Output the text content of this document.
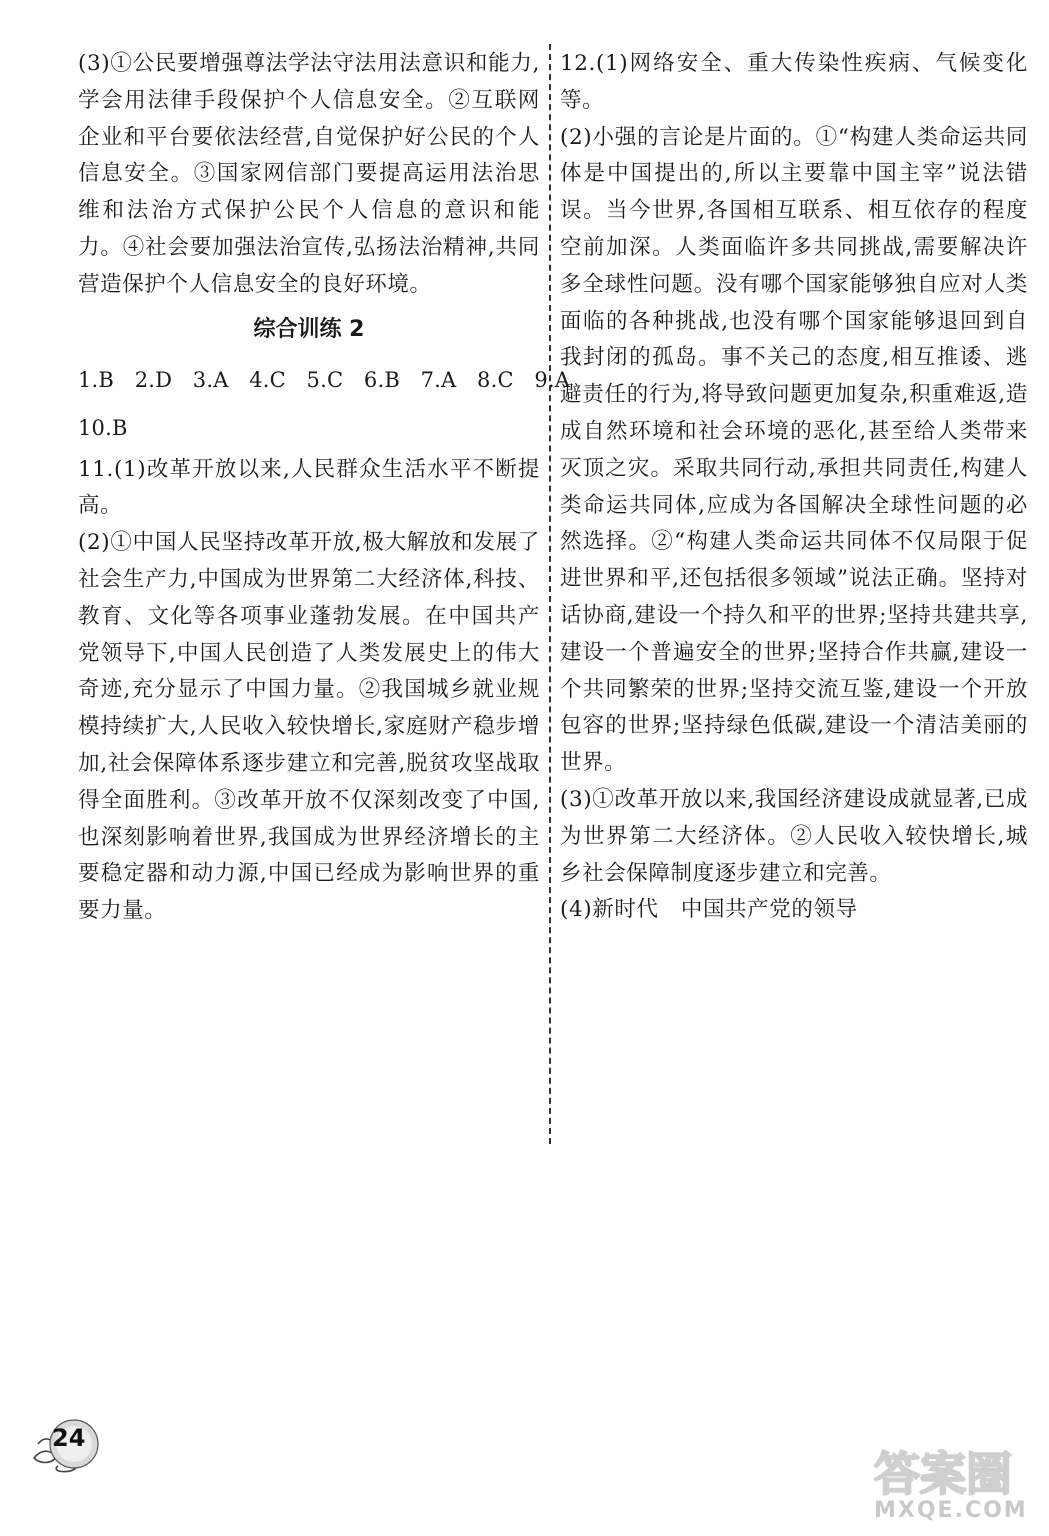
(3)①公民要增强尊法学法守法用法意识和能力,学会用法律手段保护个人信息安全。②互联网企业和平台要依法经营,自觉保护好公民的个人信息安全。③国家网信部门要提高运用法治思维和法治方式保护公民个人信息的意识和能力。④社会要加强法治宣传,弘扬法治精神,共同营造保护个人信息安全的良好环境。

综合训练 2

1.B   2.D   3.A   4.C   5.C   6.B   7.A   8.C   9.A

10.B

11.(1)改革开放以来,人民群众生活水平不断提高。

(2)①中国人民坚持改革开放,极大解放和发展了社会生产力,中国成为世界第二大经济体,科技、教育、文化等各项事业蓬勃发展。在中国共产党领导下,中国人民创造了人类发展史上的伟大奇迹,充分显示了中国力量。②我国城乡就业规模持续扩大,人民收入较快增长,家庭财产稳步增加,社会保障体系逐步建立和完善,脱贫攻坚战取得全面胜利。③改革开放不仅深刻改变了中国,也深刻影响着世界,我国成为世界经济增长的主要稳定器和动力源,中国已经成为影响世界的重要力量。

12.(1)网络安全、重大传染性疾病、气候变化等。

(2)小强的言论是片面的。①“构建人类命运共同体是中国提出的,所以主要靠中国主宰”说法错误。当今世界,各国相互联系、相互依存的程度空前加深。人类面临许多共同挑战,需要解决许多全球性问题。没有哪个国家能够独自应对人类面临的各种挑战,也没有哪个国家能够退回到自我封闭的孤岛。事不关己的态度,相互推诿、逃避责任的行为,将导致问题更加复杂,积重难返,造成自然环境和社会环境的恶化,甚至给人类带来灭顶之灾。采取共同行动,承担共同责任,构建人类命运共同体,应成为各国解决全球性问题的必然选择。②“构建人类命运共同体不仅局限于促进世界和平,还包括很多领域”说法正确。坚持对话协商,建设一个持久和平的世界;坚持共建共享,建设一个普遍安全的世界;坚持合作共赢,建设一个共同繁荣的世界;坚持交流互鉴,建设一个开放包容的世界;坚持绿色低碳,建设一个清洁美丽的世界。

(3)①改革开放以来,我国经济建设成就显著,已成为世界第二大经济体。②人民收入较快增长,城乡社会保障制度逐步建立和完善。

(4)新时代   中国共产党的领导

24
答案圈
MXQE.COM
